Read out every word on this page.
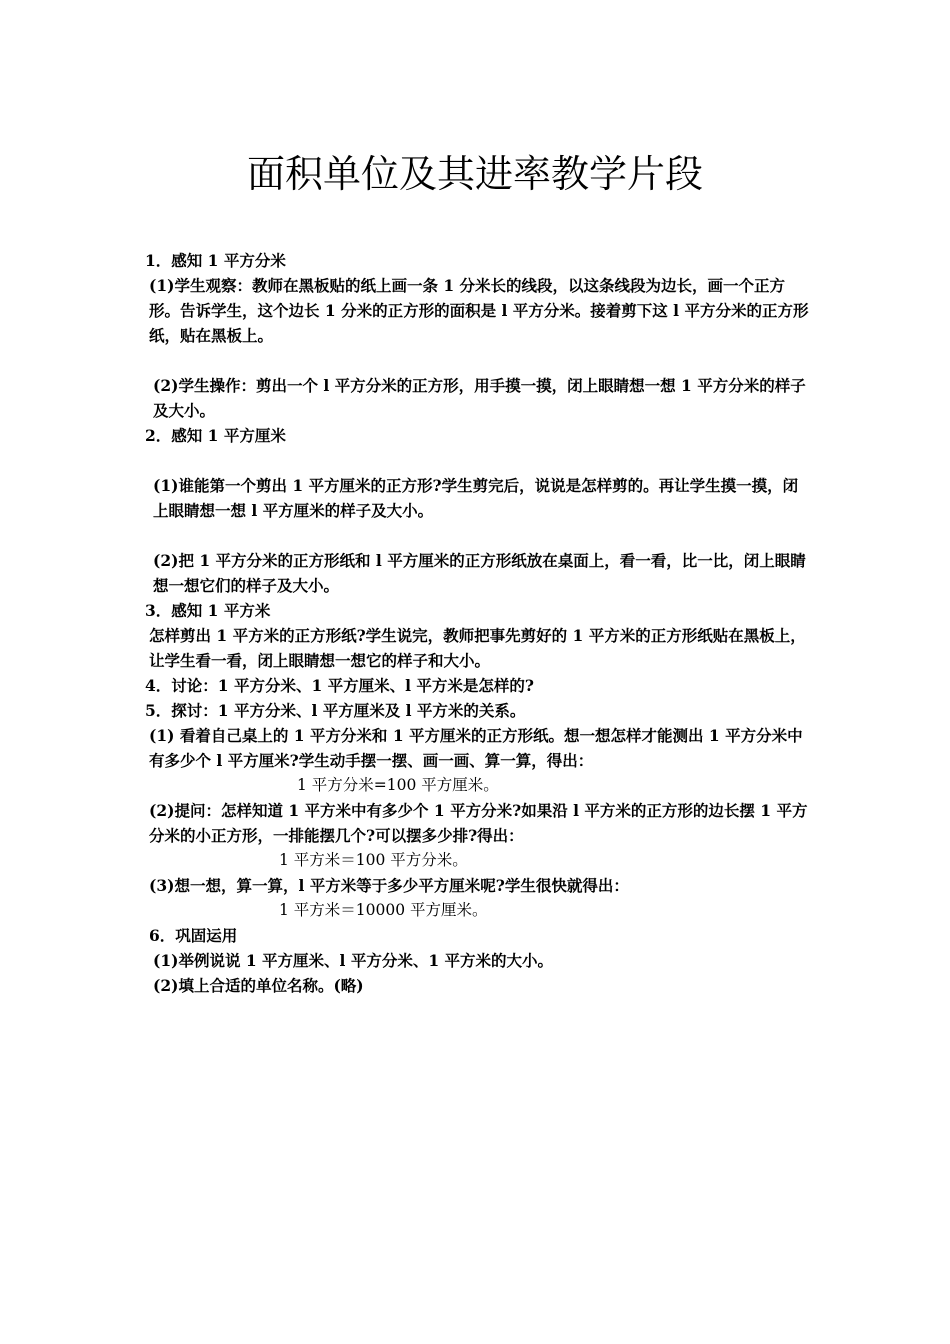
面积单位及其进率教学片段

1．感知 1 平方分米

(1)学生观察：教师在黑板贴的纸上画一条 1 分米长的线段，以这条线段为边长，画一个正方形。告诉学生，这个边长 1 分米的正方形的面积是 l 平方分米。接着剪下这 l 平方分米的正方形纸，贴在黑板上。

(2)学生操作：剪出一个 l 平方分米的正方形，用手摸一摸，闭上眼睛想一想 1 平方分米的样子及大小。

2．感知 1 平方厘米

(1)谁能第一个剪出 1 平方厘米的正方形?学生剪完后，说说是怎样剪的。再让学生摸一摸，闭上眼睛想一想 l 平方厘米的样子及大小。

(2)把 1 平方分米的正方形纸和 l 平方厘米的正方形纸放在桌面上，看一看，比一比，闭上眼睛想一想它们的样子及大小。

3．感知 1 平方米

怎样剪出 1 平方米的正方形纸?学生说完，教师把事先剪好的 1 平方米的正方形纸贴在黑板上，让学生看一看，闭上眼睛想一想它的样子和大小。

4．讨论：1 平方分米、1 平方厘米、l 平方米是怎样的?

5．探讨：1 平方分米、l 平方厘米及 l 平方米的关系。

(1) 看着自己桌上的 1 平方分米和 1 平方厘米的正方形纸。想一想怎样才能测出 1 平方分米中有多少个 l 平方厘米?学生动手摆一摆、画一画、算一算，得出：

1 平方分米=100 平方厘米。

(2)提问：怎样知道 1 平方米中有多少个 1 平方分米?如果沿 l 平方米的正方形的边长摆 1 平方分米的小正方形，一排能摆几个?可以摆多少排?得出：

1 平方米＝100 平方分米。

(3)想一想，算一算，l 平方米等于多少平方厘米呢?学生很快就得出：

1 平方米＝10000 平方厘米。

6．巩固运用

(1)举例说说 1 平方厘米、l 平方分米、1 平方米的大小。

(2)填上合适的单位名称。(略)
